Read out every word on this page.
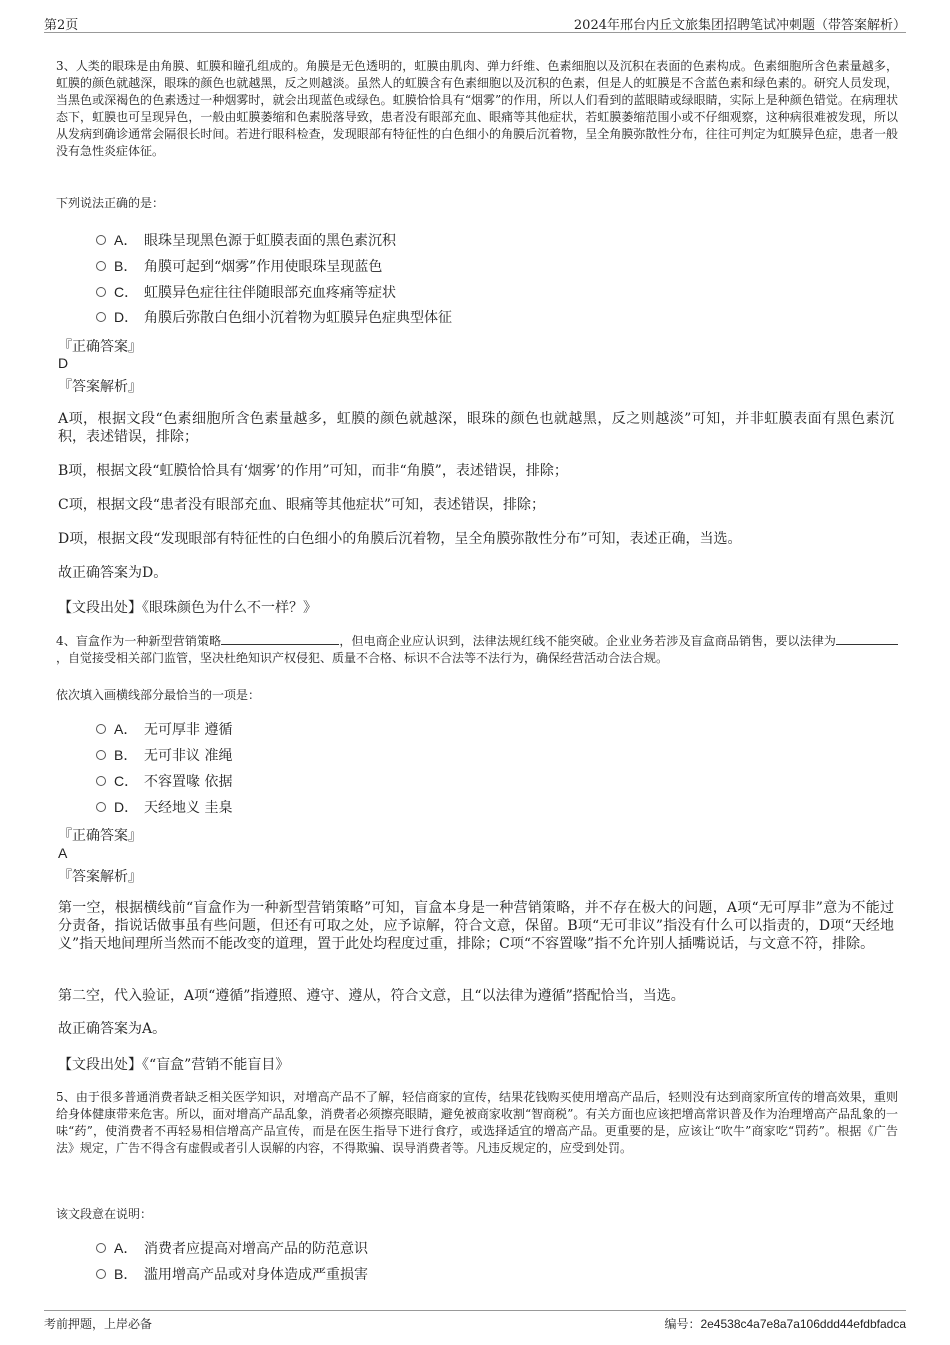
第2页	2024年邢台内丘文旅集团招聘笔试冲刺题（带答案解析）
3、人类的眼珠是由角膜、虹膜和瞳孔组成的。角膜是无色透明的，虹膜由肌肉、弹力纤维、色素细胞以及沉积在表面的色素构成。色素细胞所含色素量越多，虹膜的颜色就越深，眼珠的颜色也就越黑，反之则越淡。虽然人的虹膜含有色素细胞以及沉积的色素，但是人的虹膜是不含蓝色素和绿色素的。研究人员发现，当黑色或深褐色的色素透过一种烟雾时，就会出现蓝色或绿色。虹膜恰恰具有“烟雾”的作用，所以人们看到的蓝眼睛或绿眼睛，实际上是种颜色错觉。在病理状态下，虹膜也可呈现异色，一般由虹膜萎缩和色素脱落导致，患者没有眼部充血、眼痛等其他症状，若虹膜萎缩范围小或不仔细观察，这种病很难被发现，所以从发病到确诊通常会隔很长时间。若进行眼科检查，发现眼部有特征性的白色细小的角膜后沉着物，呈全角膜弥散性分布，往往可判定为虹膜异色症，患者一般没有急性炎症体征。
下列说法正确的是：
A． 眼珠呈现黑色源于虹膜表面的黑色素沉积
B． 角膜可起到“烟雾”作用使眼珠呈现蓝色
C． 虹膜异色症往往伴随眼部充血疼痛等症状
D． 角膜后弥散白色细小沉着物为虹膜异色症典型体征
『正确答案』
D
『答案解析』
A项，根据文段“色素细胞所含色素量越多，虹膜的颜色就越深，眼珠的颜色也就越黑，反之则越淡”可知，并非虹膜表面有黑色素沉积，表述错误，排除；
B项，根据文段“虹膜恰恰具有‘烟雾’的作用”可知，而非“角膜”，表述错误，排除；
C项，根据文段“患者没有眼部充血、眼痛等其他症状”可知，表述错误，排除；
D项，根据文段“发现眼部有特征性的白色细小的角膜后沉着物，呈全角膜弥散性分布”可知，表述正确，当选。
故正确答案为D。
【文段出处】《眼珠颜色为什么不一样？》
4、盲盒作为一种新型营销策略	，但电商企业应认识到，法律法规红线不能突破。企业业务若涉及盲盒商品销售，要以法律为，自觉接受相关部门监管，坚决杜绝知识产权侵犯、质量不合格、标识不合法等不法行为，确保经营活动合法合规。
依次填入画横线部分最恰当的一项是：
A． 无可厚非 遵循
B． 无可非议 准绳
C． 不容置喙 依据
D． 天经地义 圭臬
『正确答案』
A
『答案解析』
第一空，根据横线前“盲盒作为一种新型营销策略”可知，盲盒本身是一种营销策略，并不存在极大的问题，A项“无可厚非”意为不能过分责备，指说话做事虽有些问题，但还有可取之处，应予谅解，符合文意，保留。B项“无可非议”指没有什么可以指责的，D项“天经地义”指天地间理所当然而不能改变的道理，置于此处均程度过重，排除；C项“不容置喙”指不允许别人插嘴说话，与文意不符，排除。
第二空，代入验证，A项“遵循”指遵照、遵守、遵从，符合文意，且“以法律为遵循”搭配恰当，当选。
故正确答案为A。
【文段出处】《“盲盒”营销不能盲目》
5、由于很多普通消费者缺乏相关医学知识，对增高产品不了解，轻信商家的宣传，结果花钱购买使用增高产品后，轻则没有达到商家所宣传的增高效果，重则给身体健康带来危害。所以，面对增高产品乱象，消费者必须擦亮眼睛，避免被商家收割“智商税”。有关方面也应该把增高常识普及作为治理增高产品乱象的一味“药”，使消费者不再轻易相信增高产品宣传，而是在医生指导下进行食疗，或选择适宜的增高产品。更重要的是，应该让“吹牛”商家吃“罚药”。根据《广告法》规定，广告不得含有虚假或者引人误解的内容，不得欺骗、误导消费者等。凡违反规定的，应受到处罚。
该文段意在说明：
A． 消费者应提高对增高产品的防范意识
B． 滥用增高产品或对身体造成严重损害
考前押题，上岸必备	编号：2e4538c4a7e8a7a106ddd44efdbfadca
